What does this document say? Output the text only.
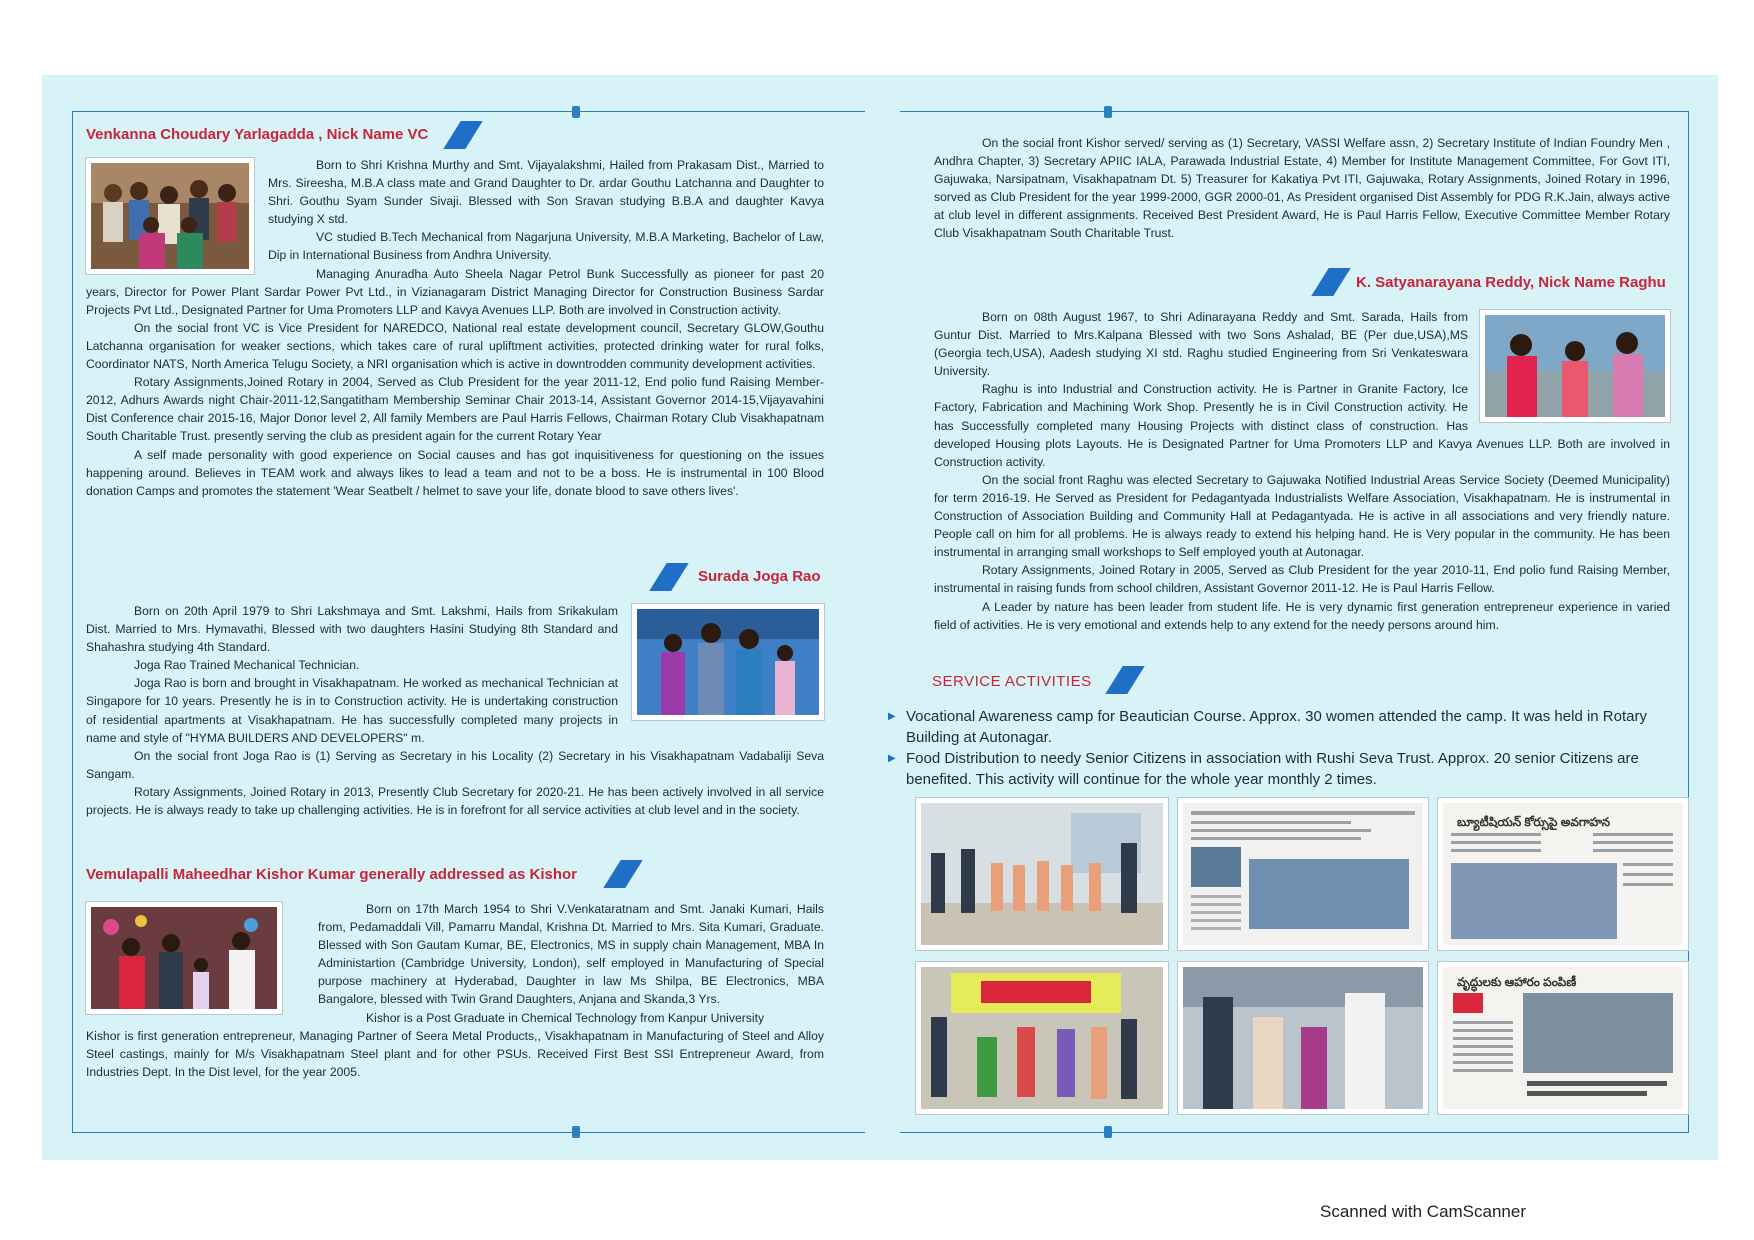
Venkanna Choudary Yarlagadda , Nick Name VC

Born to Shri Krishna Murthy and Smt. Vijayalakshmi, Hailed from Prakasam Dist., Married to Mrs. Sireesha, M.B.A class mate and Grand Daughter to Dr. ardar Gouthu Latchanna and Daughter to Shri. Gouthu Syam Sunder Sivaji. Blessed with Son Sravan studying B.B.A and daughter Kavya studying X std.

VC studied B.Tech Mechanical from Nagarjuna University, M.B.A Marketing, Bachelor of Law, Dip in International Business from Andhra University.

Managing Anuradha Auto Sheela Nagar Petrol Bunk Successfully as pioneer for past 20 years, Director for Power Plant Sardar Power Pvt Ltd., in Vizianagaram District Managing Director for Construction Business Sardar Projects Pvt Ltd., Designated Partner for Uma Promoters LLP and Kavya Avenues LLP. Both are involved in Construction activity.

On the social front VC is Vice President for NAREDCO, National real estate development council, Secretary GLOW,Gouthu Latchanna organisation for weaker sections, which takes care of rural upliftment activities, protected drinking water for rural folks, Coordinator NATS, North America Telugu Society, a NRI organisation which is active in downtrodden community development activities.

Rotary Assignments,Joined Rotary in 2004, Served as Club President for the year 2011-12, End polio fund Raising Member-2012, Adhurs Awards night Chair-2011-12,Sangatitham Membership Seminar Chair 2013-14, Assistant Governor 2014-15,Vijayavahini Dist Conference chair 2015-16, Major Donor level 2, All family Members are Paul Harris Fellows, Chairman Rotary Club Visakhapatnam South Charitable Trust. presently serving the club as president again for the current Rotary Year

A self made personality with good experience on Social causes and has got inquisitiveness for questioning on the issues happening around. Believes in TEAM work and always likes to lead a team and not to be a boss. He is instrumental in 100 Blood donation Camps and promotes the statement 'Wear Seatbelt / helmet to save your life, donate blood to save others lives'.

Surada Joga Rao

Born on 20th April 1979 to Shri Lakshmaya and Smt. Lakshmi, Hails from Srikakulam Dist. Married to Mrs. Hymavathi, Blessed with two daughters Hasini Studying 8th Standard and Shahashra studying 4th Standard.

Joga Rao Trained Mechanical Technician.

Joga Rao is born and brought in Visakhapatnam. He worked as mechanical Technician at Singapore for 10 years. Presently he is in to Construction activity. He is undertaking construction of residential apartments at Visakhapatnam. He has successfully completed many projects in name and style of "HYMA BUILDERS AND DEVELOPERS" m.

On the social front Joga Rao is (1) Serving as Secretary in his Locality (2) Secretary in his Visakhapatnam Vadabaliji Seva Sangam.

Rotary Assignments, Joined Rotary in 2013, Presently Club Secretary for 2020-21. He has been actively involved in all service projects. He is always ready to take up challenging activities. He is in forefront for all service activities at club level and in the society.

Vemulapalli Maheedhar Kishor Kumar generally addressed as Kishor

Born on 17th March 1954 to Shri V.Venkataratnam and Smt. Janaki Kumari, Hails from, Pedamaddali Vill, Pamarru Mandal, Krishna Dt. Married to Mrs. Sita Kumari, Graduate. Blessed with Son Gautam Kumar, BE, Electronics, MS in supply chain Management, MBA In Administartion (Cambridge University, London), self employed in Manufacturing of Special purpose machinery at Hyderabad, Daughter in law Ms Shilpa, BE Electronics, MBA Bangalore, blessed with Twin Grand Daughters, Anjana and Skanda,3 Yrs.

Kishor is a Post Graduate in Chemical Technology from Kanpur University

Kishor is first generation entrepreneur, Managing Partner of Seera Metal Products,, Visakhapatnam in Manufacturing of Steel and Alloy Steel castings, mainly for M/s Visakhapatnam Steel plant and for other PSUs. Received First Best SSI Entrepreneur Award, from Industries Dept. In the Dist level, for the year 2005.

On the social front Kishor served/ serving as (1) Secretary, VASSI Welfare assn, 2) Secretary Institute of Indian Foundry Men , Andhra Chapter, 3) Secretary APIIC IALA, Parawada Industrial Estate, 4) Member for Institute Management Committee, For Govt ITI, Gajuwaka, Narsipatnam, Visakhapatnam Dt. 5) Treasurer for Kakatiya Pvt ITI, Gajuwaka, Rotary Assignments, Joined Rotary in 1996, sorved as Club President for the year 1999-2000, GGR 2000-01, As President organised Dist Assembly for PDG R.K.Jain, always active at club level in different assignments. Received Best President Award, He is Paul Harris Fellow, Executive Committee Member Rotary Club Visakhapatnam South Charitable Trust.

K. Satyanarayana Reddy, Nick Name Raghu

Born on 08th August 1967, to Shri Adinarayana Reddy and Smt. Sarada, Hails from Guntur Dist. Married to Mrs.Kalpana Blessed with two Sons Ashalad, BE (Per due,USA),MS (Georgia tech,USA), Aadesh studying XI std. Raghu studied Engineering from Sri Venkateswara University.

Raghu is into Industrial and Construction activity. He is Partner in Granite Factory, Ice Factory, Fabrication and Machining Work Shop. Presently he is in Civil Construction activity. He has Successfully completed many Housing Projects with distinct class of construction. Has developed Housing plots Layouts. He is Designated Partner for Uma Promoters LLP and Kavya Avenues LLP. Both are involved in Construction activity.

On the social front Raghu was elected Secretary to Gajuwaka Notified Industrial Areas Service Society (Deemed Municipality) for term 2016-19. He Served as President for Pedagantyada Industrialists Welfare Association, Visakhapatnam. He is instrumental in Construction of Association Building and Community Hall at Pedagantyada. He is active in all associations and very friendly nature. People call on him for all problems. He is always ready to extend his helping hand. He is Very popular in the community. He has been instrumental in arranging small workshops to Self employed youth at Autonagar.

Rotary Assignments, Joined Rotary in 2005, Served as Club President for the year 2010-11, End polio fund Raising Member, instrumental in raising funds from school children, Assistant Governor 2011-12. He is Paul Harris Fellow.

A Leader by nature has been leader from student life. He is very dynamic first generation entrepreneur experience in varied field of activities. He is very emotional and extends help to any extend for the needy persons around him.

SERVICE ACTIVITIES
▶ Vocational Awareness camp for Beautician Course. Approx. 30 women attended the camp. It was held in Rotary Building at Autonagar.
▶ Food Distribution to needy Senior Citizens in association with Rushi Seva Trust. Approx. 20 senior Citizens are benefited. This activity will continue for the whole year monthly 2 times.
బ్యూటీషియన్ కోర్సుపై అవగాహన
వృద్ధులకు ఆహారం పంపిణీ
Scanned with CamScanner
